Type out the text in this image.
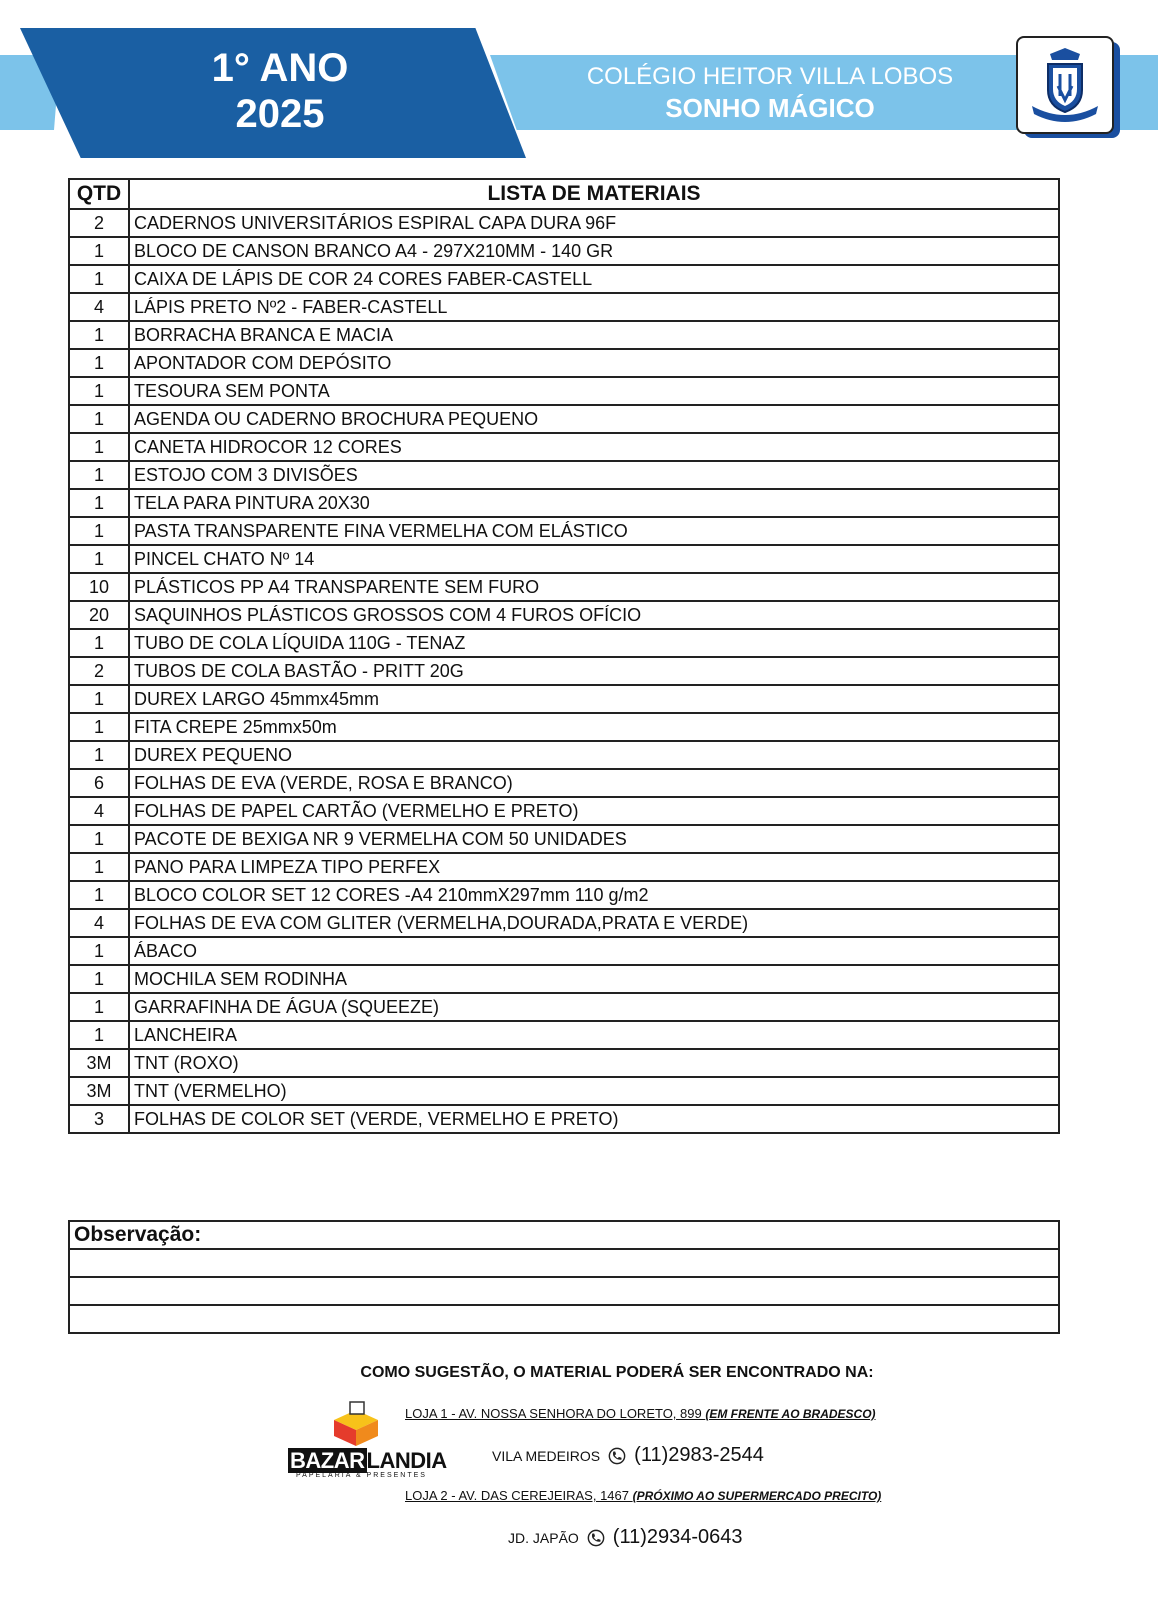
1° ANO
2025
COLÉGIO HEITOR VILLA LOBOS
SONHO MÁGICO
QTD	LISTA DE MATERIAIS
2	CADERNOS UNIVERSITÁRIOS ESPIRAL CAPA DURA 96F
1	BLOCO DE CANSON BRANCO A4 - 297X210MM - 140 GR
1	CAIXA DE LÁPIS DE COR 24 CORES FABER-CASTELL
4	LÁPIS PRETO Nº2 - FABER-CASTELL
1	BORRACHA BRANCA E MACIA
1	APONTADOR COM DEPÓSITO
1	TESOURA SEM PONTA
1	AGENDA OU CADERNO BROCHURA PEQUENO
1	CANETA HIDROCOR 12 CORES
1	ESTOJO COM 3 DIVISÕES
1	TELA PARA PINTURA 20X30
1	PASTA TRANSPARENTE FINA VERMELHA COM ELÁSTICO
1	PINCEL CHATO Nº 14
10	PLÁSTICOS PP A4 TRANSPARENTE SEM FURO
20	SAQUINHOS PLÁSTICOS GROSSOS COM 4 FUROS OFÍCIO
1	TUBO DE COLA LÍQUIDA 110G - TENAZ
2	TUBOS DE COLA BASTÃO - PRITT 20G
1	DUREX LARGO 45mmx45mm
1	FITA CREPE 25mmx50m
1	DUREX PEQUENO
6	FOLHAS DE EVA (VERDE, ROSA E BRANCO)
4	FOLHAS DE PAPEL CARTÃO (VERMELHO E PRETO)
1	PACOTE DE BEXIGA NR 9 VERMELHA COM 50 UNIDADES
1	PANO PARA LIMPEZA TIPO PERFEX
1	BLOCO COLOR SET 12 CORES -A4 210mmX297mm 110 g/m2
4	FOLHAS DE EVA COM GLITER (VERMELHA,DOURADA,PRATA E VERDE)
1	ÁBACO
1	MOCHILA SEM RODINHA
1	GARRAFINHA DE ÁGUA (SQUEEZE)
1	LANCHEIRA
3M	TNT (ROXO)
3M	TNT (VERMELHO)
3	FOLHAS DE COLOR SET (VERDE, VERMELHO E PRETO)
Observação:

COMO SUGESTÃO, O MATERIAL PODERÁ SER ENCONTRADO NA:
BAZARLANDIA
PAPELARIA & PRESENTES
LOJA 1 - AV. NOSSA SENHORA DO LORETO, 899 (EM FRENTE AO BRADESCO)
VILA MEDEIROS (11)2983-2544
LOJA 2 - AV. DAS CEREJEIRAS, 1467 (PRÓXIMO AO SUPERMERCADO PRECITO)
JD. JAPÃO (11)2934-0643
